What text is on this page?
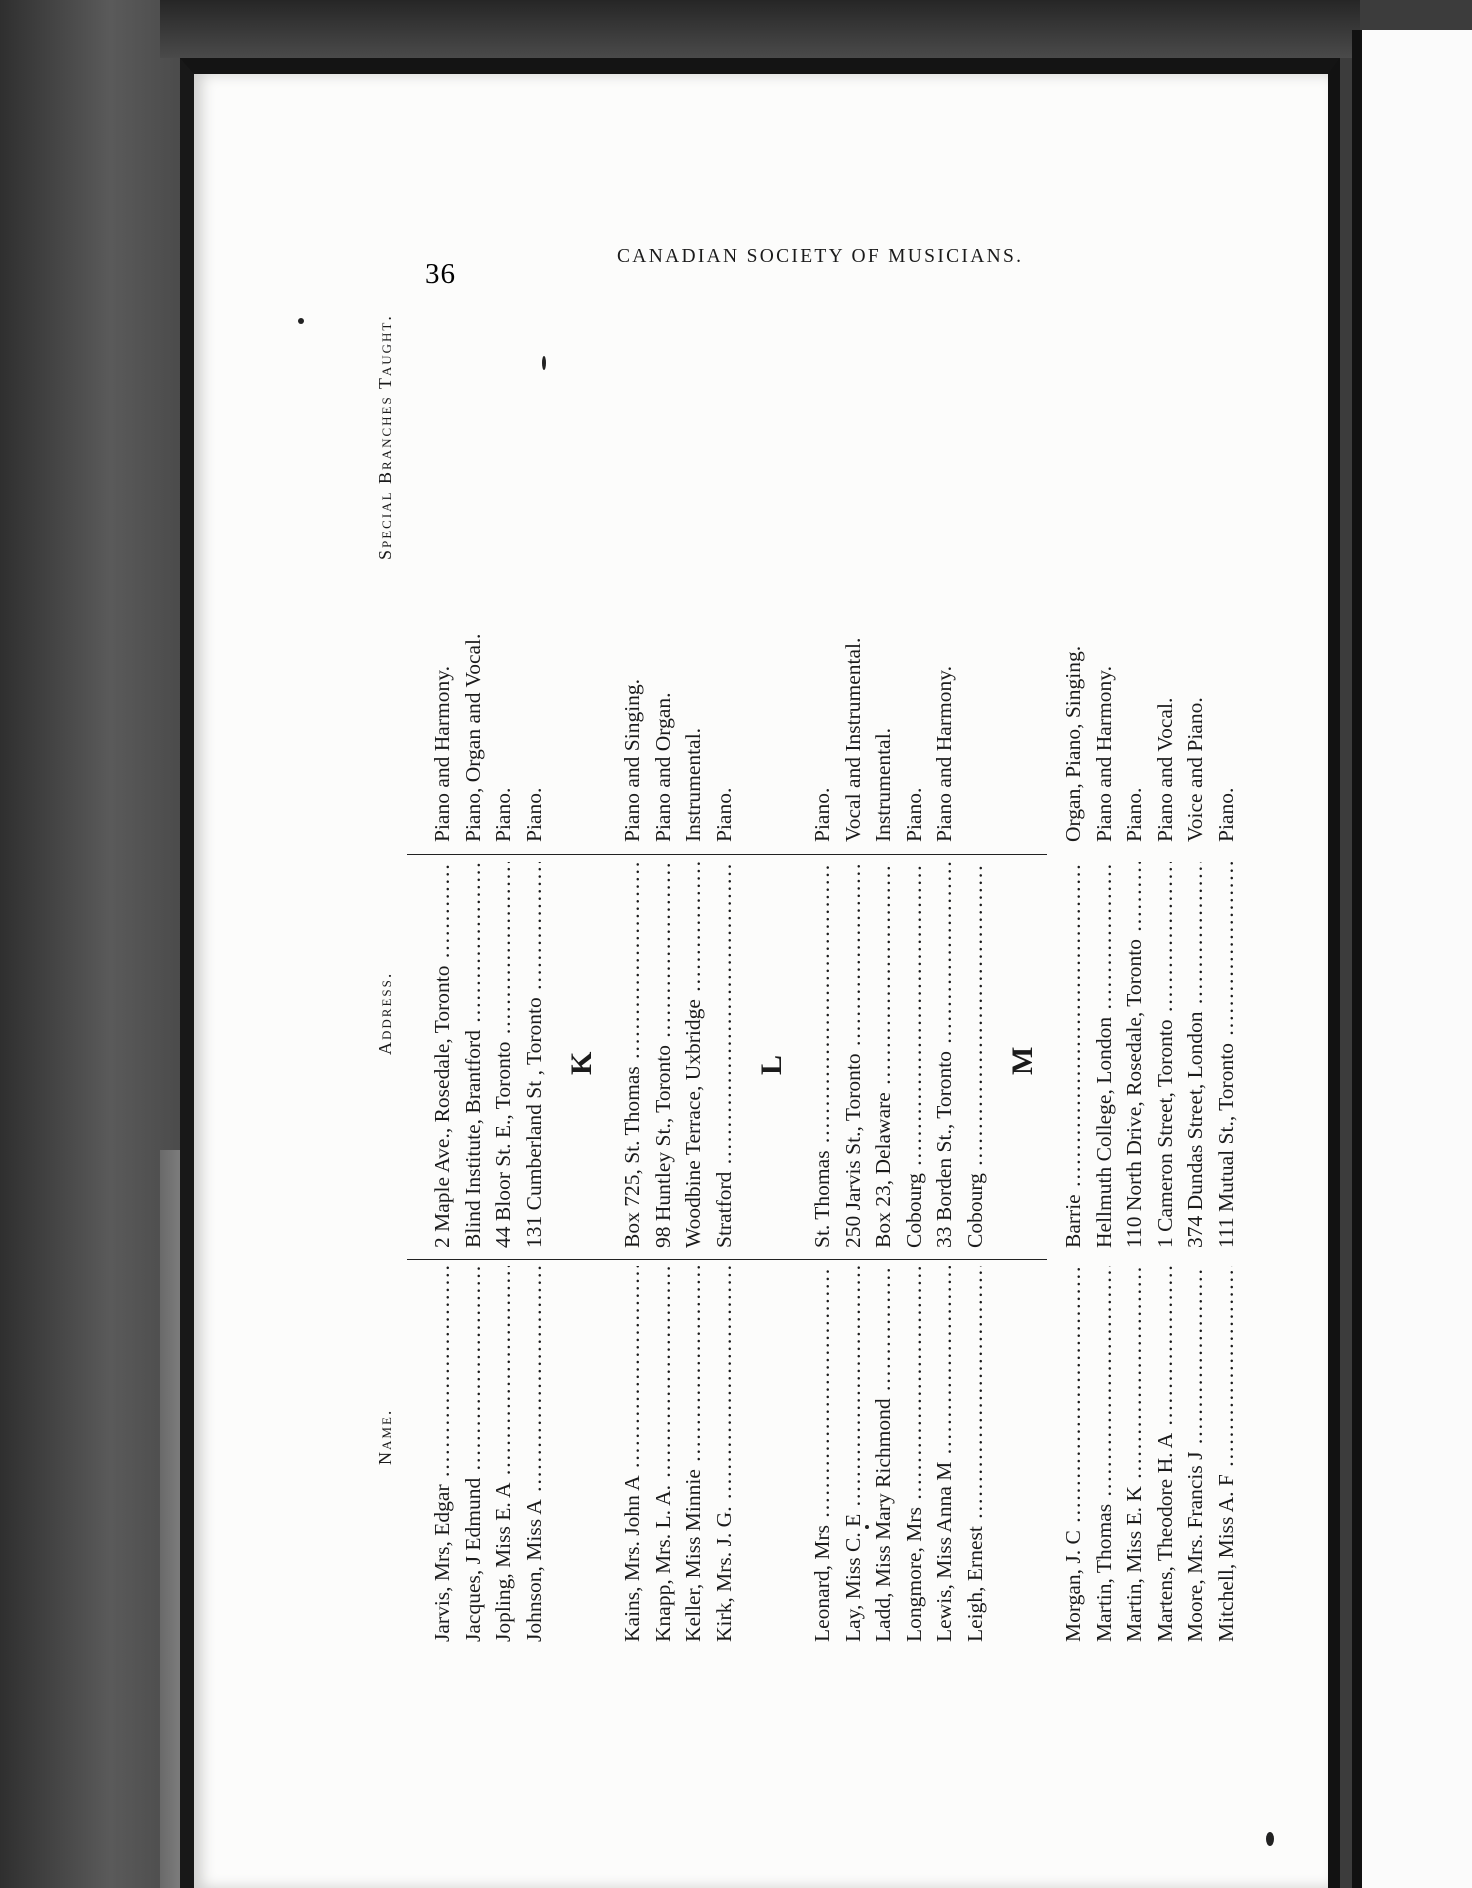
Name.
Address.
Special Branches Taught.
Jarvis, Mrs, Edgar .....
2 Maple Ave., Rosedale, Toronto .....
Piano and Harmony.
Jacques, J Edmund .....
Blind Institute, Brantford .....
Piano, Organ and Vocal.
Jopling, Miss E. A .....
44 Bloor St. E., Toronto .....
Piano.
Johnson, Miss A .....
131 Cumberland St , Toronto .....
Piano.
K
Kains, Mrs. John A .....
Box 725, St. Thomas .....
Piano and Singing.
Knapp, Mrs. L. A. .....
98 Huntley St., Toronto .....
Piano and Organ.
Keller, Miss Minnie .....
Woodbine Terrace, Uxbridge .....
Instrumental.
Kirk, Mrs. J. G. .....
Stratford .....
Piano.
L
Leonard, Mrs .....
St. Thomas .....
Piano.
Lay, Miss C. E .....
250 Jarvis St., Toronto .....
Vocal and Instrumental.
Ladd, Miss Mary Richmond .....
Box 23, Delaware .....
Instrumental.
Longmore, Mrs .....
Cobourg .....
Piano.
Lewis, Miss Anna M .....
33 Borden St., Toronto .....
Piano and Harmony.
Leigh, Ernest .....
Cobourg .....
M
Morgan, J. C .....
Barrie .....
Organ, Piano, Singing.
Martin, Thomas .....
Hellmuth College, London .....
Piano and Harmony.
Martin, Miss E. K .....
110 North Drive, Rosedale, Toronto .....
Piano.
Martens, Theodore H. A .....
1 Cameron Street, Toronto .....
Piano and Vocal.
Moore, Mrs. Francis J .....
374 Dundas Street, London .....
Voice and Piano.
Mitchell, Miss A. F .....
111 Mutual St., Toronto .....
Piano.
36
CANADIAN SOCIETY OF MUSICIANS.
